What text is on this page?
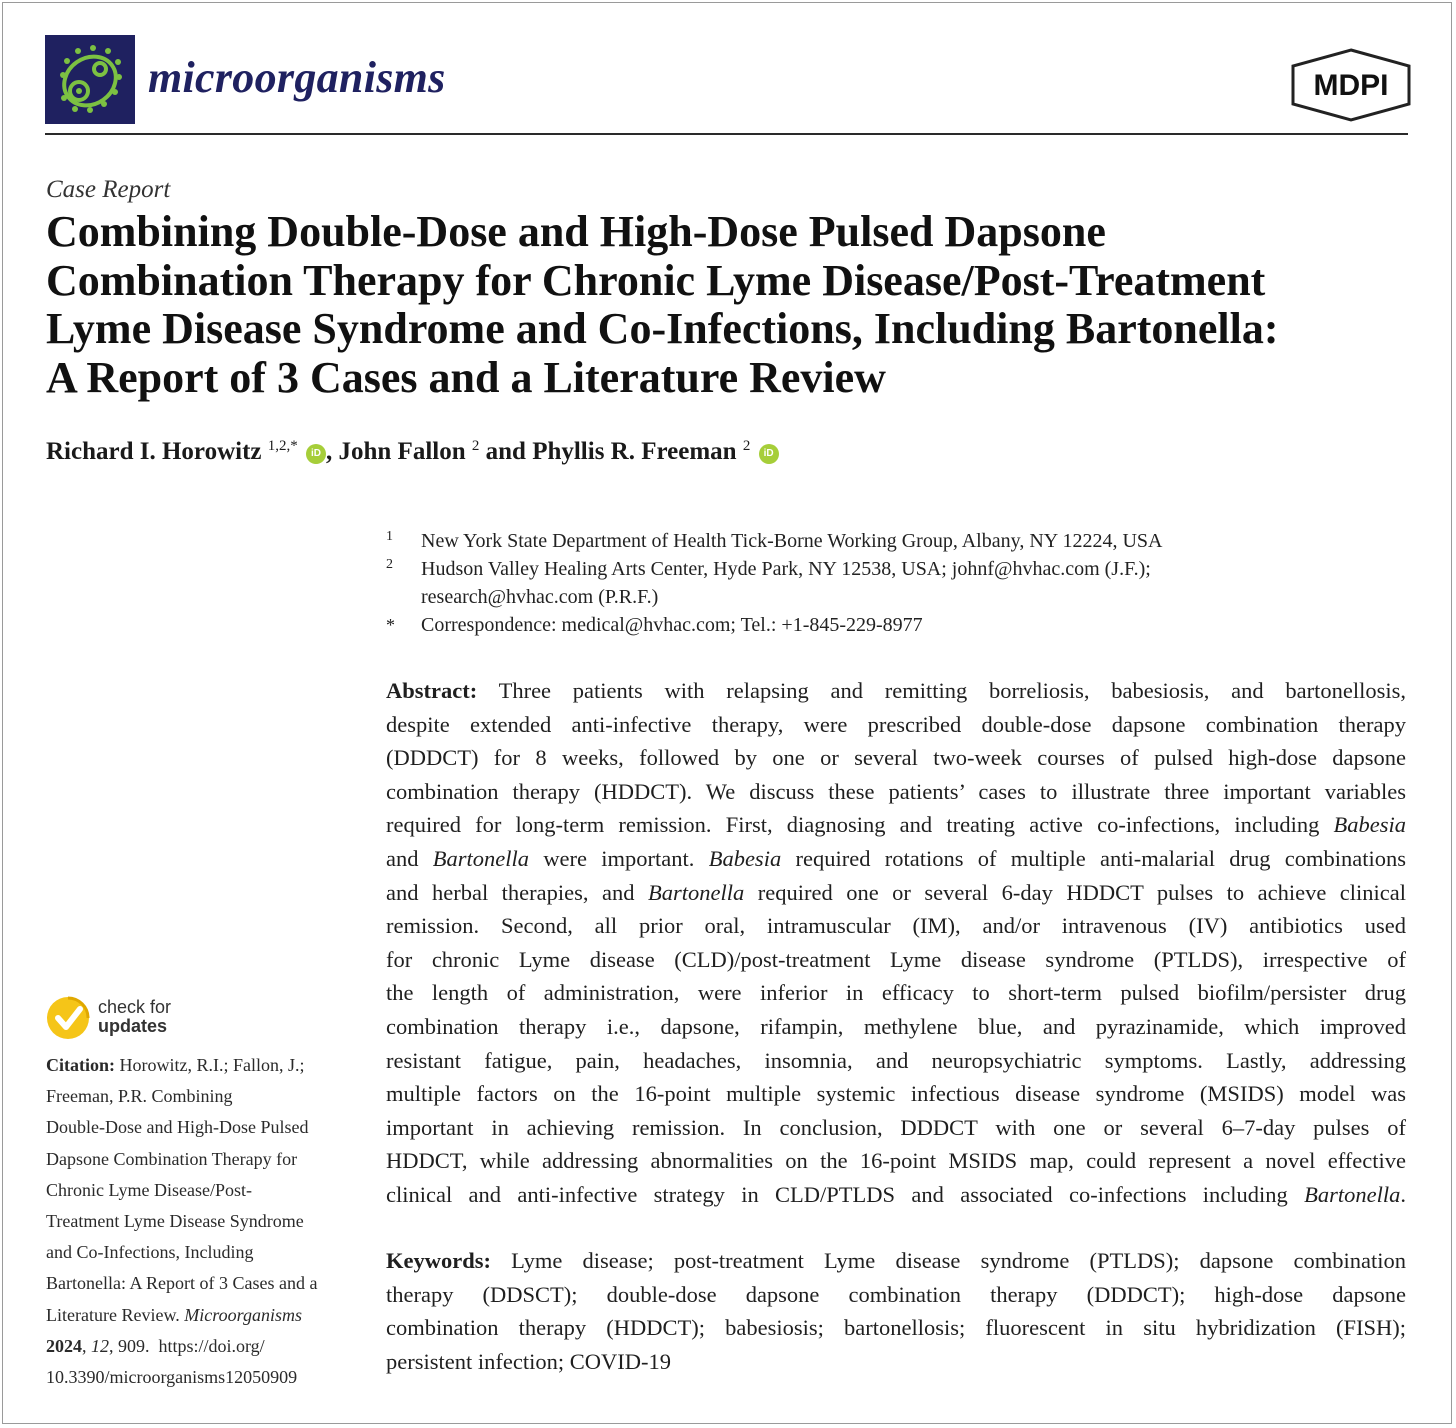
microorganisms	MDPI
Case Report
Combining Double-Dose and High-Dose Pulsed Dapsone
Combination Therapy for Chronic Lyme Disease/Post-Treatment
Lyme Disease Syndrome and Co-Infections, Including Bartonella:
A Report of 3 Cases and a Literature Review
Richard I. Horowitz $^{1,2,*}$ iD , John Fallon $^2$ and Phyllis R. Freeman $^2$ iD
1 New York State Department of Health Tick-Borne Working Group, Albany, NY 12224, USA
2 Hudson Valley Healing Arts Center, Hyde Park, NY 12538, USA; johnf@hvhac.com (J.F.);
research@hvhac.com (P.R.F.)
* Correspondence: medical@hvhac.com; Tel.: +1-845-229-8977
Abstract: Three patients with relapsing and remitting borreliosis, babesiosis, and bartonellosis,
despite extended anti-infective therapy, were prescribed double-dose dapsone combination therapy
(DDDCT) for 8 weeks, followed by one or several two-week courses of pulsed high-dose dapsone
combination therapy (HDDCT). We discuss these patients’ cases to illustrate three important variables
required for long-term remission. First, diagnosing and treating active co-infections, including Babesia
and Bartonella were important. Babesia required rotations of multiple anti-malarial drug combinations
and herbal therapies, and Bartonella required one or several 6-day HDDCT pulses to achieve clinical
remission. Second, all prior oral, intramuscular (IM), and/or intravenous (IV) antibiotics used
for chronic Lyme disease (CLD)/post-treatment Lyme disease syndrome (PTLDS), irrespective of
the length of administration, were inferior in efficacy to short-term pulsed biofilm/persister drug
combination therapy i.e., dapsone, rifampin, methylene blue, and pyrazinamide, which improved
resistant fatigue, pain, headaches, insomnia, and neuropsychiatric symptoms. Lastly, addressing
multiple factors on the 16-point multiple systemic infectious disease syndrome (MSIDS) model was
important in achieving remission. In conclusion, DDDCT with one or several 6–7-day pulses of
HDDCT, while addressing abnormalities on the 16-point MSIDS map, could represent a novel effective
clinical and anti-infective strategy in CLD/PTLDS and associated co-infections including Bartonella.
Keywords: Lyme disease; post-treatment Lyme disease syndrome (PTLDS); dapsone combination
therapy (DDSCT); double-dose dapsone combination therapy (DDDCT); high-dose dapsone
combination therapy (HDDCT); babesiosis; bartonellosis; fluorescent in situ hybridization (FISH);
persistent infection; COVID-19
check for
updates
Citation: Horowitz, R.I.; Fallon, J.;
Freeman, P.R. Combining
Double-Dose and High-Dose Pulsed
Dapsone Combination Therapy for
Chronic Lyme Disease/Post-
Treatment Lyme Disease Syndrome
and Co-Infections, Including
Bartonella: A Report of 3 Cases and a
Literature Review. Microorganisms
2024, 12, 909. https://doi.org/
10.3390/microorganisms12050909
